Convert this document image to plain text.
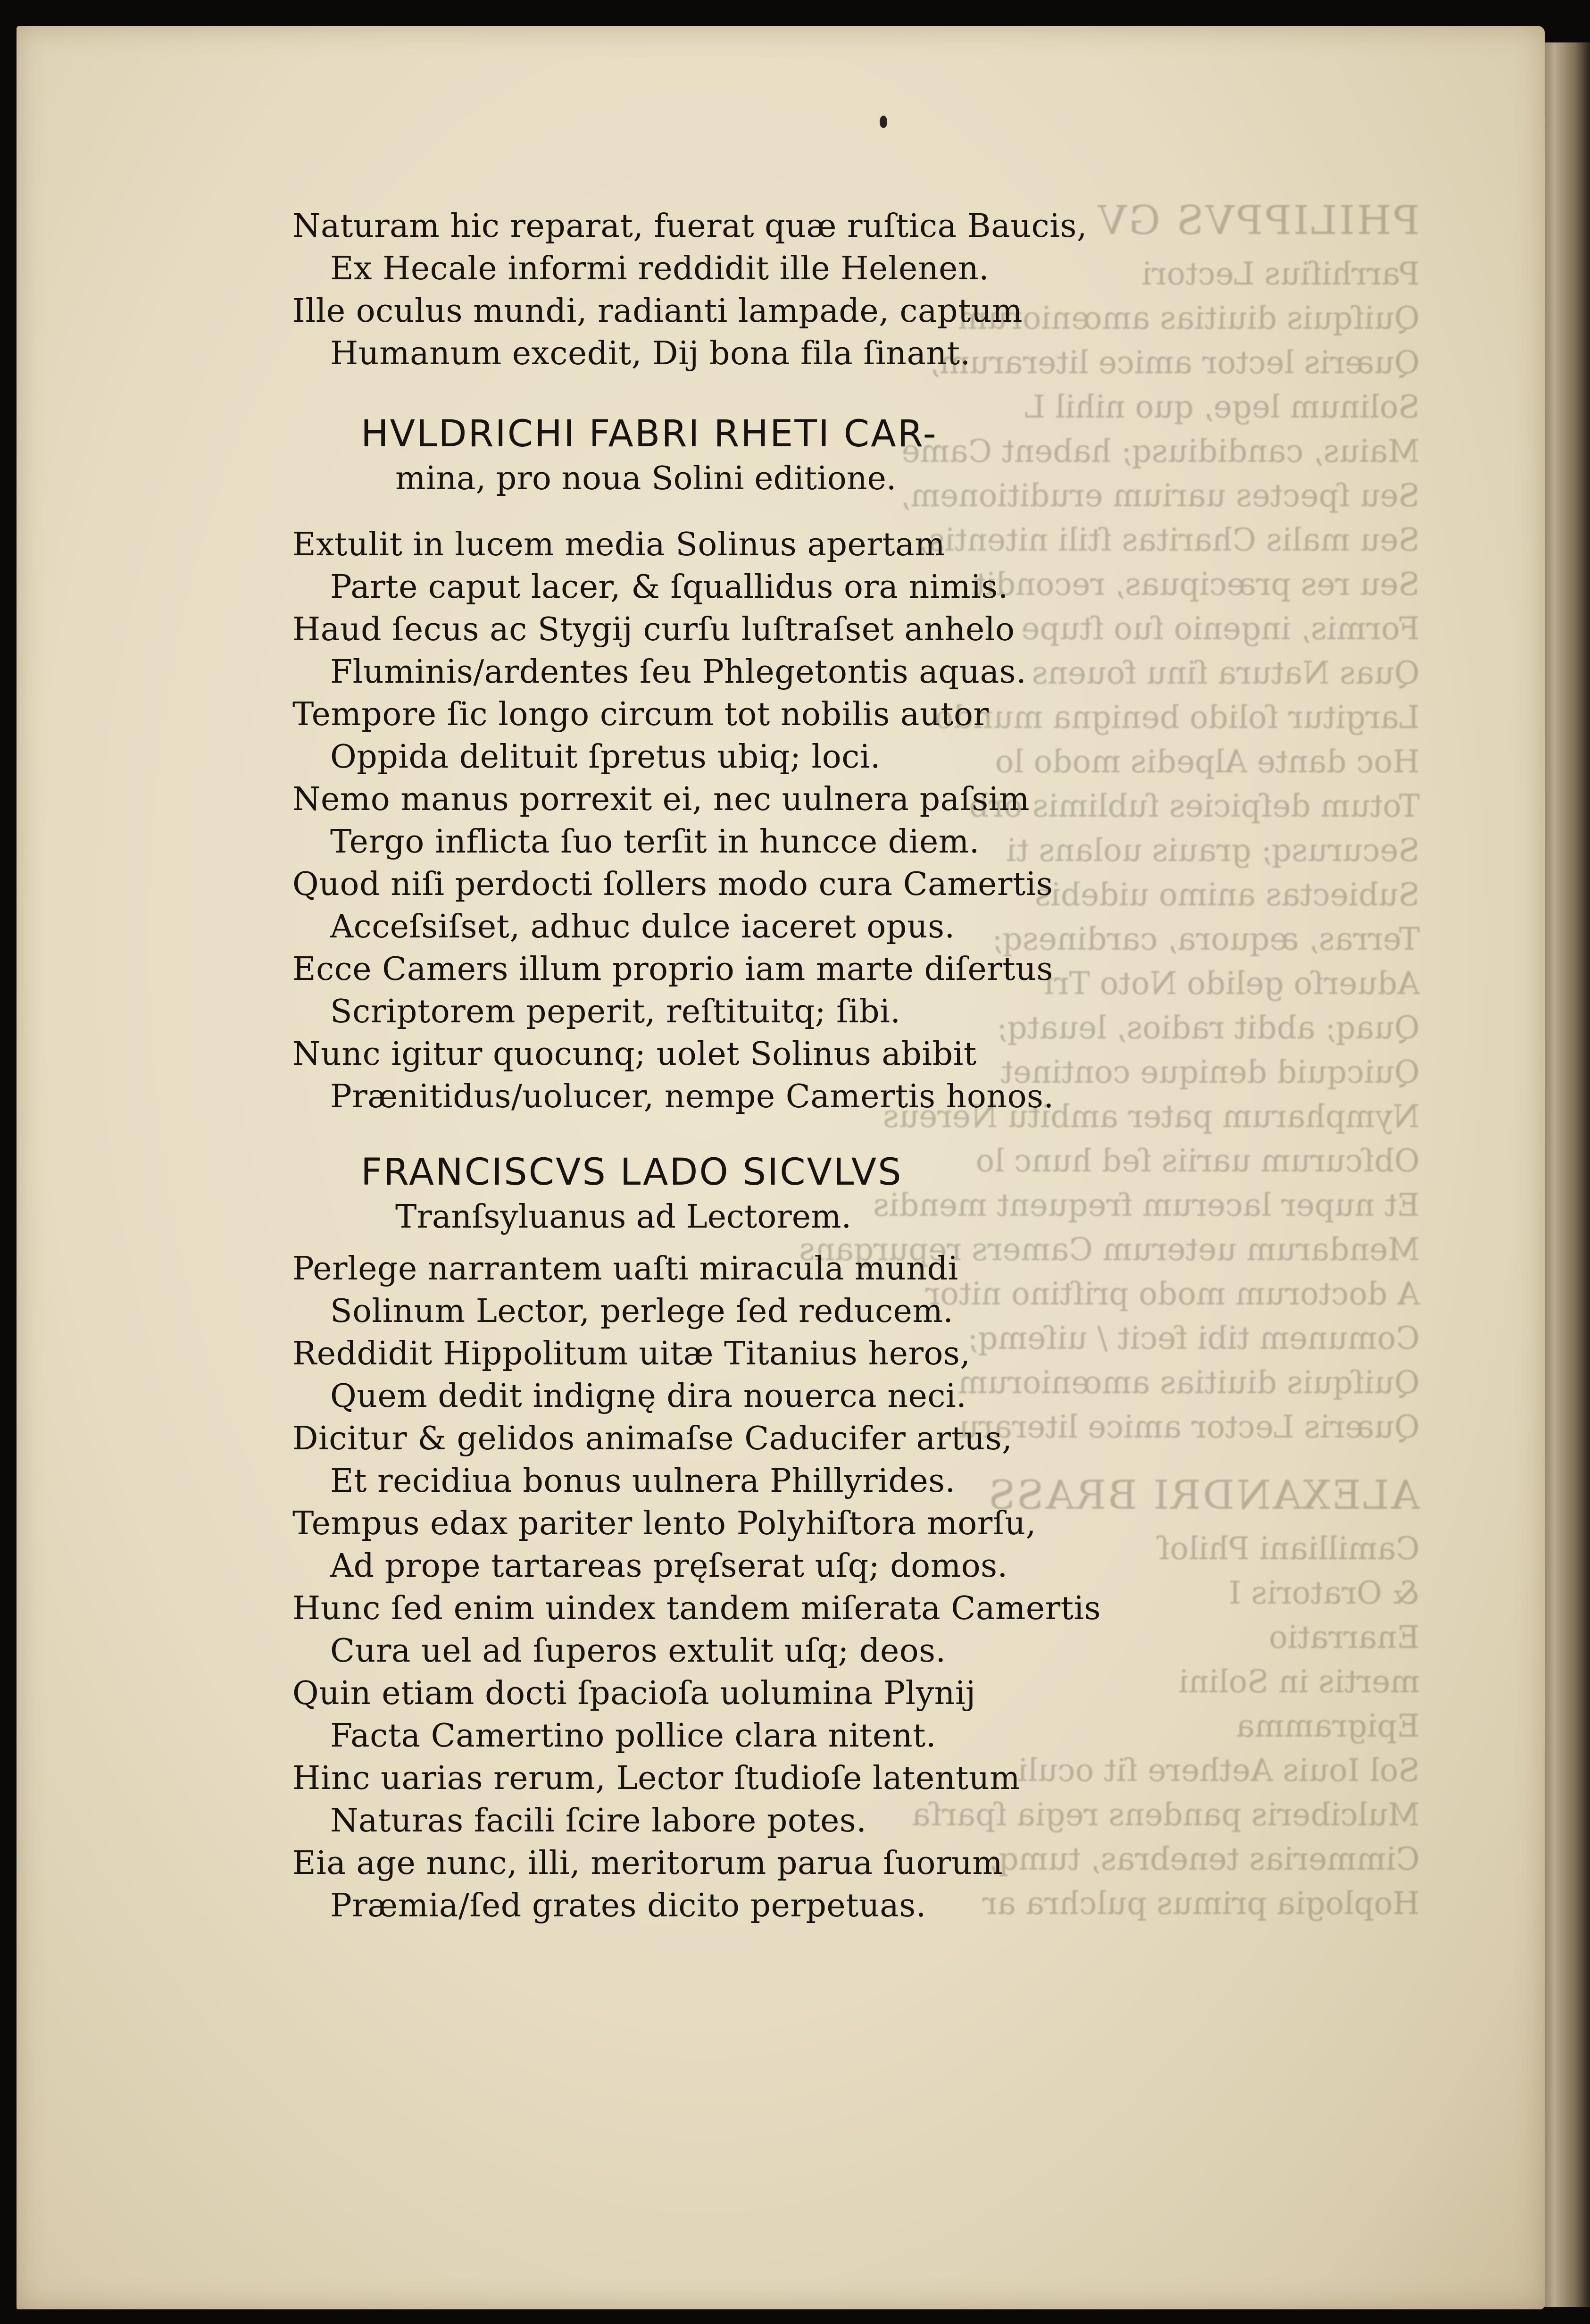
PHILIPPVS GV
Parrhiſius Lectori
Quiſquis diuitias amœniorum
Quæris lector amice literarum,
Solinum lege, quo nihil L
Maius, candidiusq; habent Came
Seu ſpectes uarium eruditionem,
Seu malis Charitas ſtili nitentis,
Seu res præcipuas, recondit
Formis, ingenio ſuo ſtupe
Quas Natura ſinu fouens
Largitur ſolido benigna mundo
Hoc dante Alpedis modo lo
Totum deſpicies ſublimis orb
Securusq; grauis uolans ti
Subiectas animo uidebis
Terras, æquora, cardinesq;
Aduerſo gelido Noto Tri
Quaq; abdit radios, leuatq;
Quicquid denique continet
Nympharum pater ambitu Nereus
Obſcurum uariis ſed hunc lo
Et nuper lacerum frequent mendis
Mendarum ueterum Camers repurgans
A doctorum modo priſtino nitor
Comunem tibi fecit / uiſemq;
Quiſquis diuitias amœniorum
Quæris Lector amice literaru
ALEXANDRI BRASS
Camilliani Philoſ
& Oratoris I
Enarratio
mertis in Solini
Epigramma
Sol Iouis Aethere ſit oculi
Mulciberis pandens regia ſparſa
Cimmerias tenebras, tumq;
Hoplogia primus pulchra ar
Naturam hic reparat, fuerat quæ ruſtica Baucis,
Ex Hecale informi reddidit ille Helenen.
Ille oculus mundi, radianti lampade, captum
Humanum excedit, Dij bona fila ſinant.
HVLDRICHI FABRI RHETI CAR-
mina, pro noua Solini editione.
Extulit in lucem media Solinus apertam
Parte caput lacer, & ſquallidus ora nimis.
Haud ſecus ac Stygij curſu luſtraſset anhelo
Fluminis/ardentes ſeu Phlegetontis aquas.
Tempore ſic longo circum tot nobilis autor
Oppida delituit ſpretus ubiq; loci.
Nemo manus porrexit ei, nec uulnera paſsim
Tergo inflicta ſuo terſit in huncce diem.
Quod niſi perdocti ſollers modo cura Camertis
Acceſsiſset, adhuc dulce iaceret opus.
Ecce Camers illum proprio iam marte diſertus
Scriptorem peperit, reſtituitq; ſibi.
Nunc igitur quocunq; uolet Solinus abibit
Prænitidus/uolucer, nempe Camertis honos.
FRANCISCVS LADO SICVLVS
Tranſsyluanus ad Lectorem.
Perlege narrantem uaſti miracula mundi
Solinum Lector, perlege ſed reducem.
Reddidit Hippolitum uitæ Titanius heros,
Quem dedit indignę dira nouerca neci.
Dicitur & gelidos animaſse Caducifer artus,
Et recidiua bonus uulnera Phillyrides.
Tempus edax pariter lento Polyhiſtora morſu,
Ad prope tartareas pręſserat uſq; domos.
Hunc ſed enim uindex tandem miſerata Camertis
Cura uel ad ſuperos extulit uſq; deos.
Quin etiam docti ſpacioſa uolumina Plynij
Facta Camertino pollice clara nitent.
Hinc uarias rerum, Lector ſtudioſe latentum
Naturas facili ſcire labore potes.
Eia age nunc, illi, meritorum parua ſuorum
Præmia/ſed grates dicito perpetuas.
